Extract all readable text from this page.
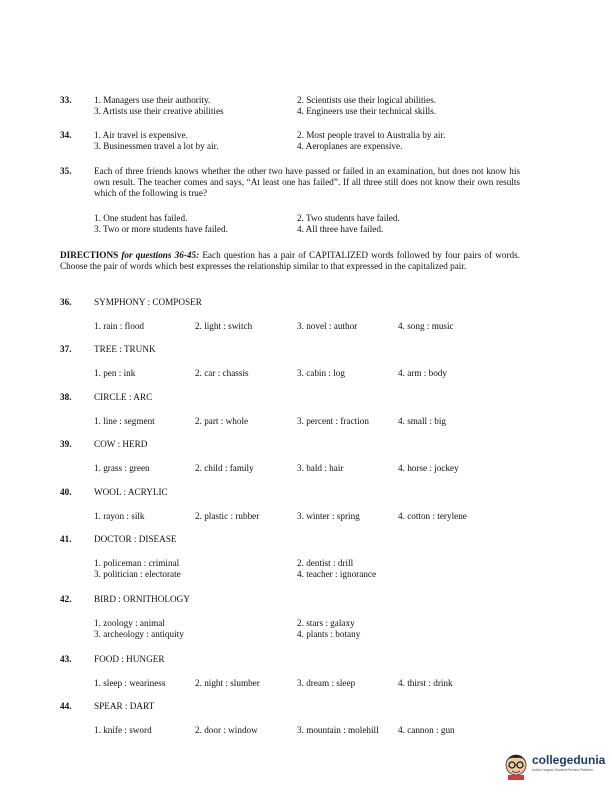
33. 1. Managers use their authority.	2. Scientists use their logical abilities.
3. Artists use their creative abilities	4. Engineers use their technical skills.
34. 1. Air travel is expensive.	2. Most people travel to Australia by air.
3. Businessmen travel a lot by air.	4. Aeroplanes are expensive.
35. Each of three friends knows whether the other two have passed or failed in an examination, but does not know his own result. The teacher comes and says, “At least one has failed”. If all three still does not know their own results which of the following is true?
1. One student has failed.	2. Two students have failed.
3. Two or more students have failed.	4. All three have failed.
DIRECTIONS for questions 36-45: Each question has a pair of CAPITALIZED words followed by four pairs of words. Choose the pair of words which best expresses the relationship similar to that expressed in the capitalized pair.
36. SYMPHONY : COMPOSER
1. rain : flood	2. light : switch	3. novel : author	4. song : music
37. TREE : TRUNK
1. pen : ink	2. car : chassis	3. cabin : log	4. arm : body
38. CIRCLE : ARC
1. line : segment	2. part : whole	3. percent : fraction	4. small : big
39. COW : HERD
1. grass : green	2. child : family	3. bald : hair	4. horse : jockey
40. WOOL : ACRYLIC
1. rayon : silk	2. plastic : rubber	3. winter : spring	4. cotton : terylene
41. DOCTOR : DISEASE
1. policeman : criminal	2. dentist : drill
3. politician : electorate	4. teacher : ignorance
42. BIRD : ORNITHOLOGY
1. zoology : animal	2. stars : galaxy
3. archeology : antiquity	4. plants : botany
43. FOOD : HUNGER
1. sleep : weariness	2. night : slumber	3. dream : sleep	4. thirst : drink
44. SPEAR : DART
1. knife : sword	2. door : window	3. mountain : molehill 4. cannon : gun
collegedunia
India's largest Student Review Platform
